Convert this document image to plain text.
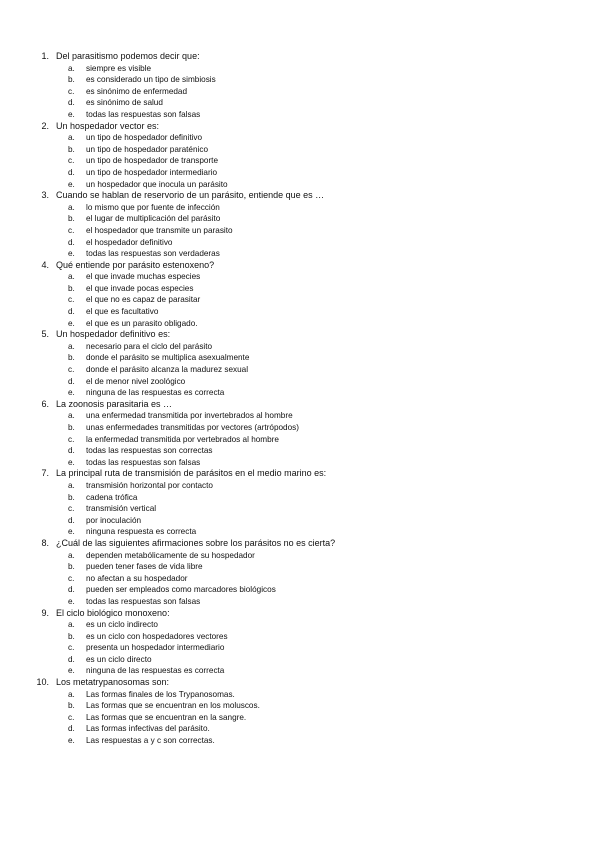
1. Del parasitismo podemos decir que:
a.	siempre es visible
b.	es considerado un tipo de simbiosis
c.	es sinónimo de enfermedad
d.	es sinónimo de salud
e.	todas las respuestas son falsas
2. Un hospedador vector es:
a.	un tipo de hospedador definitivo
b.	un tipo de hospedador paraténico
c.	un tipo de hospedador de transporte
d.	un tipo de hospedador intermediario
e.	un hospedador que inocula un parásito
3. Cuando se hablan de reservorio de un parásito, entiende que es …
a.	lo mismo que por fuente de infección
b.	el lugar de multiplicación del parásito
c.	el hospedador que transmite un parasito
d.	el hospedador definitivo
e.	todas las respuestas son verdaderas
4. Qué entiende por parásito estenoxeno?
a.	el que invade muchas especies
b.	el que invade pocas especies
c.	el que no es capaz de parasitar
d.	el que es facultativo
e.	el que es un parasito obligado.
5. Un hospedador definitivo es:
a.	necesario para el ciclo del parásito
b.	donde el parásito se multiplica asexualmente
c.	donde el parásito alcanza la madurez sexual
d.	el de menor nivel zoológico
e.	ninguna de las respuestas es correcta
6. La zoonosis parasitaria es …
a.	una enfermedad transmitida por invertebrados al hombre
b.	unas enfermedades transmitidas por vectores (artrópodos)
c.	la enfermedad transmitida por vertebrados al hombre
d.	todas las respuestas son correctas
e.	todas las respuestas son falsas
7. La principal ruta de transmisión de parásitos en el medio marino es:
a.	transmisión horizontal por contacto
b.	cadena trófica
c.	transmisión vertical
d.	por inoculación
e.	ninguna respuesta es correcta
8. ¿Cuál de las siguientes afirmaciones sobre los parásitos no es cierta?
a.	dependen metabólicamente de su hospedador
b.	pueden tener fases de vida libre
c.	no afectan a su hospedador
d.	pueden ser empleados como marcadores biológicos
e.	todas las respuestas son falsas
9. El ciclo biológico monoxeno:
a.	es un ciclo indirecto
b.	es un ciclo con hospedadores vectores
c.	presenta un hospedador intermediario
d.	es un ciclo directo
e.	ninguna de las respuestas es correcta
10. Los metatrypanosomas son:
a.	Las formas finales de los Trypanosomas.
b.	Las formas que se encuentran en los moluscos.
c.	Las formas que se encuentran en la sangre.
d.	Las formas infectivas del parásito.
e.	Las respuestas a y c son correctas.
